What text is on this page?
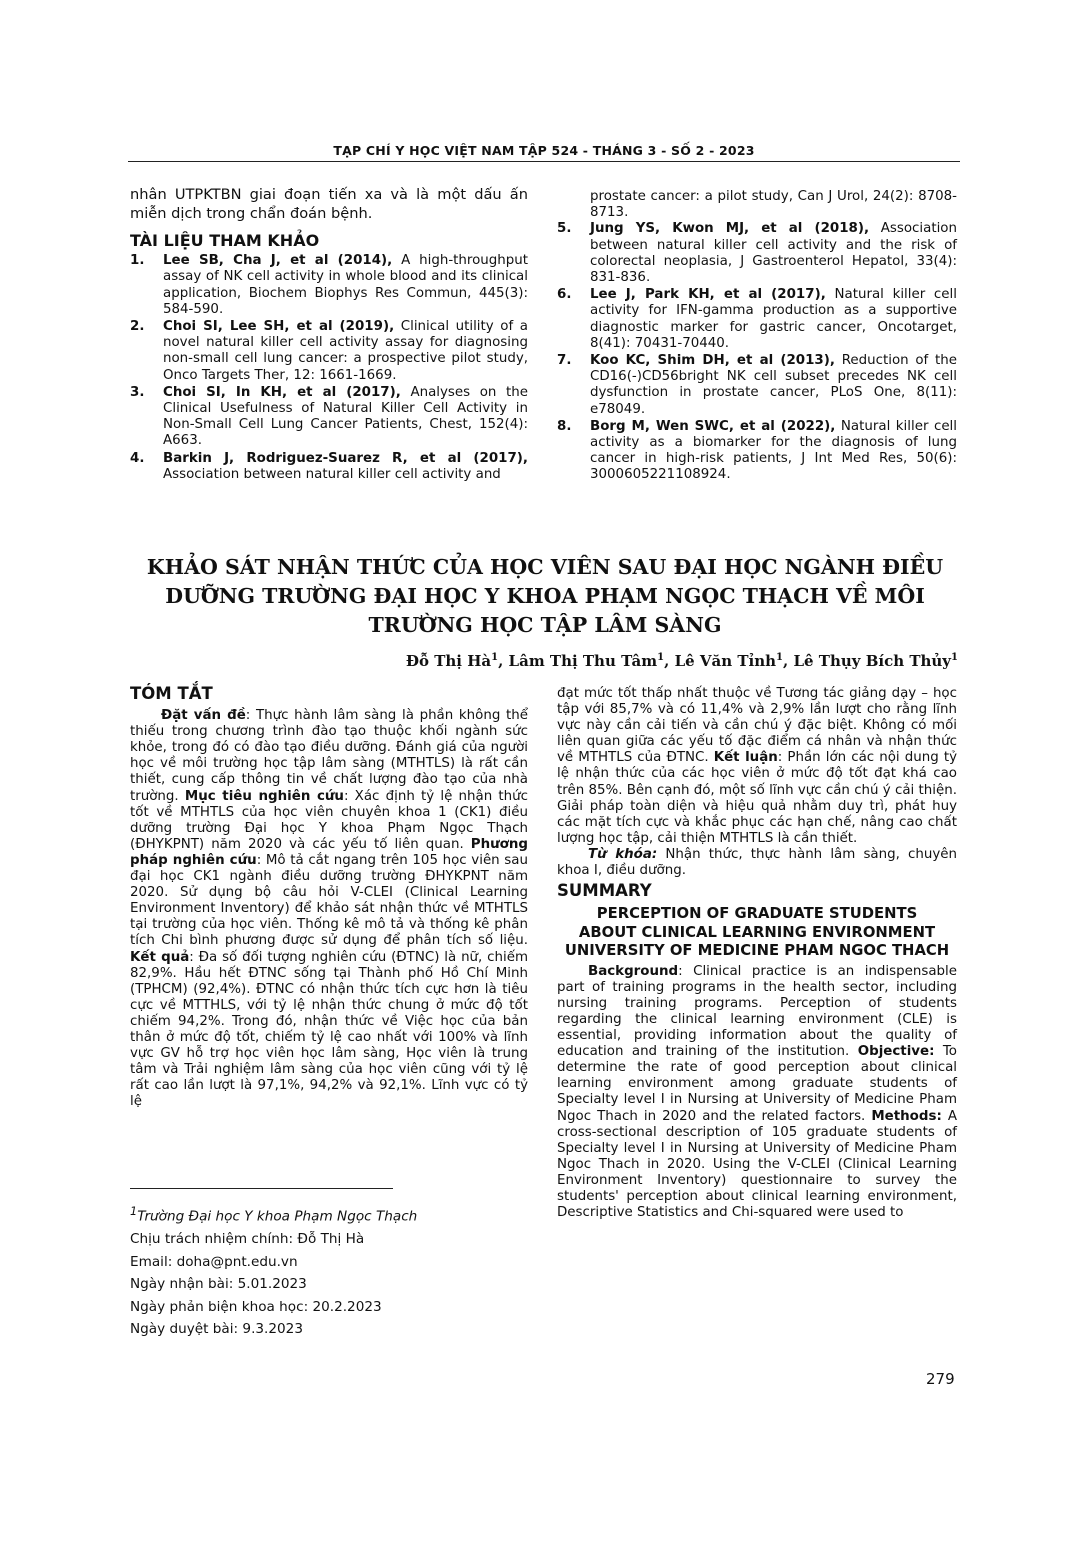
TẠP CHÍ Y HỌC VIỆT NAM TẬP 524 - THÁNG 3 - SỐ 2 - 2023
nhân UTPKTBN giai đoạn tiến xa và là một dấu ấn miễn dịch trong chẩn đoán bệnh.
TÀI LIỆU THAM KHẢO
1. Lee SB, Cha J, et al (2014), A high-throughput assay of NK cell activity in whole blood and its clinical application, Biochem Biophys Res Commun, 445(3): 584-590.
2. Choi SI, Lee SH, et al (2019), Clinical utility of a novel natural killer cell activity assay for diagnosing non-small cell lung cancer: a prospective pilot study, Onco Targets Ther, 12: 1661-1669.
3. Choi SI, In KH, et al (2017), Analyses on the Clinical Usefulness of Natural Killer Cell Activity in Non-Small Cell Lung Cancer Patients, Chest, 152(4): A663.
4. Barkin J, Rodriguez-Suarez R, et al (2017), Association between natural killer cell activity and
prostate cancer: a pilot study, Can J Urol, 24(2): 8708-8713.
5. Jung YS, Kwon MJ, et al (2018), Association between natural killer cell activity and the risk of colorectal neoplasia, J Gastroenterol Hepatol, 33(4): 831-836.
6. Lee J, Park KH, et al (2017), Natural killer cell activity for IFN-gamma production as a supportive diagnostic marker for gastric cancer, Oncotarget, 8(41): 70431-70440.
7. Koo KC, Shim DH, et al (2013), Reduction of the CD16(-)CD56bright NK cell subset precedes NK cell dysfunction in prostate cancer, PLoS One, 8(11): e78049.
8. Borg M, Wen SWC, et al (2022), Natural killer cell activity as a biomarker for the diagnosis of lung cancer in high-risk patients, J Int Med Res, 50(6): 3000605221108924.
KHẢO SÁT NHẬN THỨC CỦA HỌC VIÊN SAU ĐẠI HỌC NGÀNH ĐIỀU
DƯỠNG TRƯỜNG ĐẠI HỌC Y KHOA PHẠM NGỌC THẠCH VỀ MÔI
TRƯỜNG HỌC TẬP LÂM SÀNG
Đỗ Thị $Hà^1$, Lâm Thị Thu Tâm$^1$, Lê Văn Tỉnh$^1$, Lê Thụy Bích Thủy$^1$
TÓM TẮT
Đặt vấn đề: Thực hành lâm sàng là phần không thể thiếu trong chương trình đào tạo thuộc khối ngành sức khỏe, trong đó có đào tạo điều dưỡng. Đánh giá của người học về môi trường học tập lâm sàng (MTHTLS) là rất cần thiết, cung cấp thông tin về chất lượng đào tạo của nhà trường. Mục tiêu nghiên cứu: Xác định tỷ lệ nhận thức tốt về MTHTLS của học viên chuyên khoa 1 (CK1) điều dưỡng trường Đại học Y khoa Phạm Ngọc Thạch (ĐHYKPNT) năm 2020 và các yếu tố liên quan. Phương pháp nghiên cứu: Mô tả cắt ngang trên 105 học viên sau đại học CK1 ngành điều dưỡng trường ĐHYKPNT năm 2020. Sử dụng bộ câu hỏi V-CLEI (Clinical Learning Environment Inventory) để khảo sát nhận thức về MTHTLS tại trường của học viên. Thống kê mô tả và thống kê phân tích Chi bình phương được sử dụng để phân tích số liệu. Kết quả: Đa số đối tượng nghiên cứu (ĐTNC) là nữ, chiếm 82,9%. Hầu hết ĐTNC sống tại Thành phố Hồ Chí Minh (TPHCM) (92,4%). ĐTNC có nhận thức tích cực hơn là tiêu cực về MTTHLS, với tỷ lệ nhận thức chung ở mức độ tốt chiếm 94,2%. Trong đó, nhận thức về Việc học của bản thân ở mức độ tốt, chiếm tỷ lệ cao nhất với 100% và lĩnh vực GV hỗ trợ học viên học lâm sàng, Học viên là trung tâm và Trải nghiệm lâm sàng của học viên cũng với tỷ lệ rất cao lần lượt là 97,1%, 94,2% và 92,1%. Lĩnh vực có tỷ lệ
đạt mức tốt thấp nhất thuộc về Tương tác giảng dạy – học tập với 85,7% và có 11,4% và 2,9% lần lượt cho rằng lĩnh vực này cần cải tiến và cần chú ý đặc biệt. Không có mối liên quan giữa các yếu tố đặc điểm cá nhân và nhận thức về MTHTLS của ĐTNC. Kết luận: Phần lớn các nội dung tỷ lệ nhận thức của các học viên ở mức độ tốt đạt khá cao trên 85%. Bên cạnh đó, một số lĩnh vực cần chú ý cải thiện. Giải pháp toàn diện và hiệu quả nhằm duy trì, phát huy các mặt tích cực và khắc phục các hạn chế, nâng cao chất lượng học tập, cải thiện MTHTLS là cần thiết.
Từ khóa: Nhận thức, thực hành lâm sàng, chuyên khoa I, điều dưỡng.
SUMMARY
PERCEPTION OF GRADUATE STUDENTS
ABOUT CLINICAL LEARNING ENVIRONMENT
UNIVERSITY OF MEDICINE PHAM NGOC THACH
Background: Clinical practice is an indispensable part of training programs in the health sector, including nursing training programs. Perception of students regarding the clinical learning environment (CLE) is essential, providing information about the quality of education and training of the institution. Objective: To determine the rate of good perception about clinical learning environment among graduate students of Specialty level I in Nursing at University of Medicine Pham Ngoc Thach in 2020 and the related factors. Methods: A cross-sectional description of 105 graduate students of Specialty level I in Nursing at University of Medicine Pham Ngoc Thach in 2020. Using the V-CLEI (Clinical Learning Environment Inventory) questionnaire to survey the students' perception about clinical learning environment, Descriptive Statistics and Chi-squared were used to
$^1$Trường Đại học Y khoa Phạm Ngọc Thạch
Chịu trách nhiệm chính: Đỗ Thị Hà
Email: doha@pnt.edu.vn
Ngày nhận bài: 5.01.2023
Ngày phản biện khoa học: 20.2.2023
Ngày duyệt bài: 9.3.2023
279
